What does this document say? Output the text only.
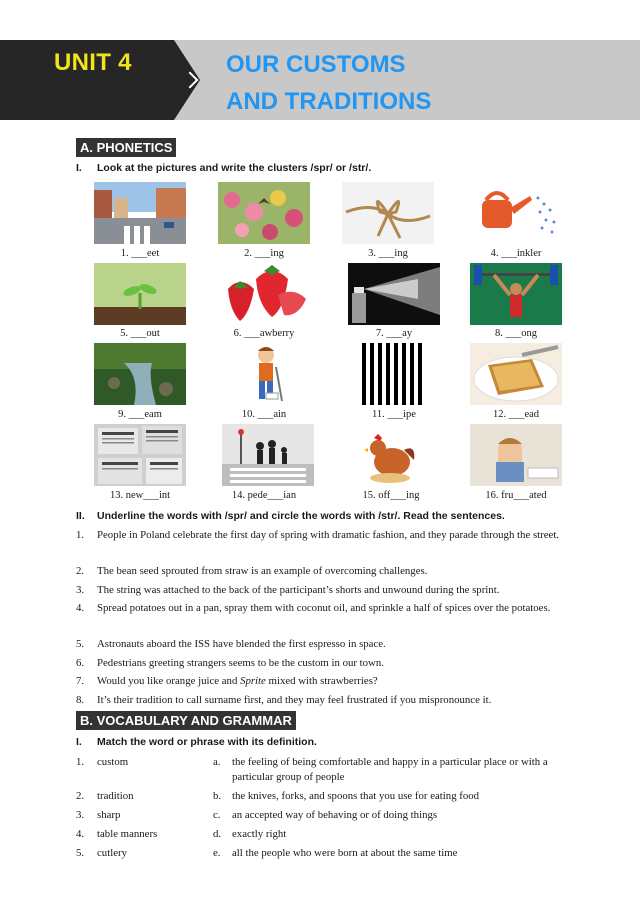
UNIT 4	OUR CUSTOMS
AND TRADITIONS
A. PHONETICS
I. Look at the pictures and write the clusters /spr/ or /str/.
1. ___eet	2. ___ing	3. ___ing	4. ___inkler
5. ___out	6. ___awberry	7. ___ay	8. ___ong
9. ___eam	10. ___ain	11. ___ipe	12. ___ead
13. new___int	14. pede___ian	15. off___ing	16. fru___ated
II. Underline the words with /spr/ and circle the words with /str/. Read the sentences.
1.	People in Poland celebrate the first day of spring with dramatic fashion, and they parade through the street.
2.	The bean seed sprouted from straw is an example of overcoming challenges.
3.	The string was attached to the back of the participant’s shorts and unwound during the sprint.
4.	Spread potatoes out in a pan, spray them with coconut oil, and sprinkle a half of spices over the potatoes.
5.	Astronauts aboard the ISS have blended the first espresso in space.
6.	Pedestrians greeting strangers seems to be the custom in our town.
7.	Would you like orange juice and Sprite mixed with strawberries?
8.	It’s their tradition to call surname first, and they may feel frustrated if you mispronounce it.
B. VOCABULARY AND GRAMMAR
I. Match the word or phrase with its definition.
1. custom	a. the feeling of being comfortable and happy in a particular place or with a particular group of people
2. tradition	b. the knives, forks, and spoons that you use for eating food
3. sharp	c. an accepted way of behaving or of doing things
4. table manners	d. exactly right
5. cutlery	e. all the people who were born at about the same time
